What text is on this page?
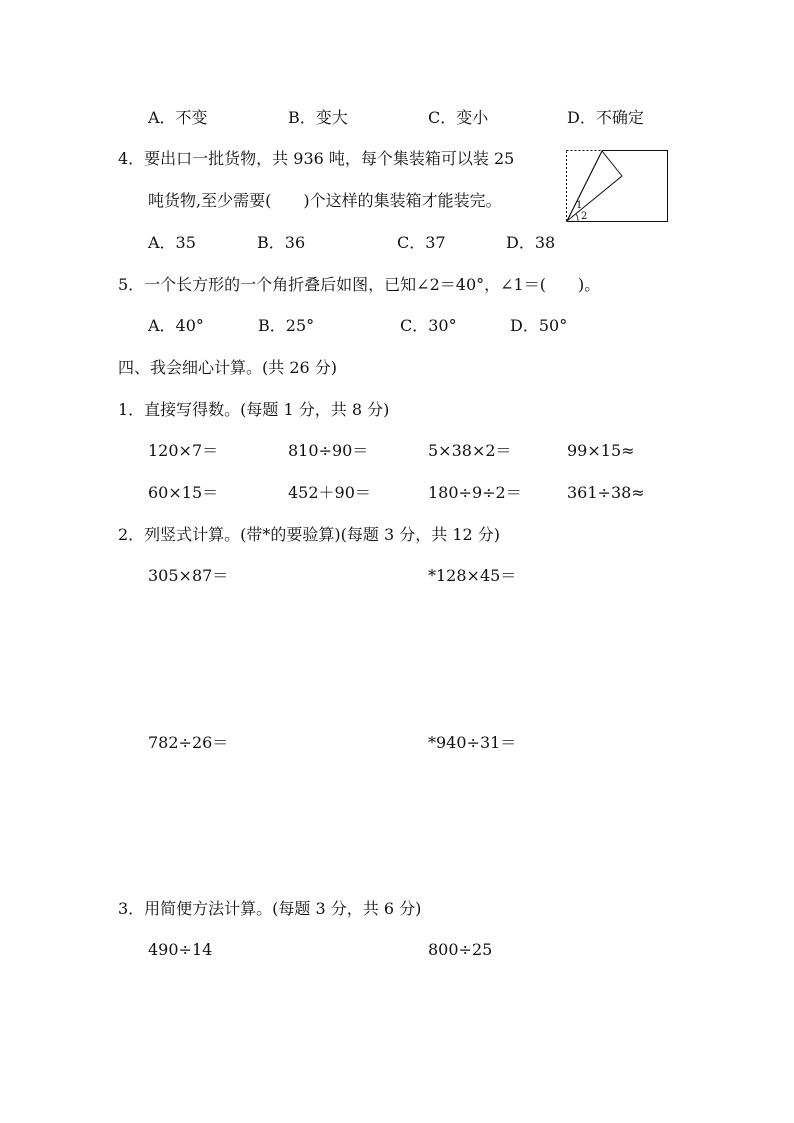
A．不变	B．变大	C．变小	D．不确定
4．要出口一批货物，共 936 吨，每个集装箱可以装 25
吨货物,至少需要(　　)个这样的集装箱才能装完。
A．35	B．36	C．37	D．38
1
2
5．一个长方形的一个角折叠后如图，已知∠2＝40°，∠1＝(　　)。
A．40°	B．25°	C．30°	D．50°
四、我会细心计算。(共 26 分)
1．直接写得数。(每题 1 分，共 8 分)
120×7＝	810÷90＝	5×38×2＝	99×15≈
60×15＝	452＋90＝	180÷9÷2＝	361÷38≈
2．列竖式计算。(带*的要验算)(每题 3 分，共 12 分)
305×87＝	*128×45＝
782÷26＝	*940÷31＝
3．用简便方法计算。(每题 3 分，共 6 分)
490÷14	800÷25
